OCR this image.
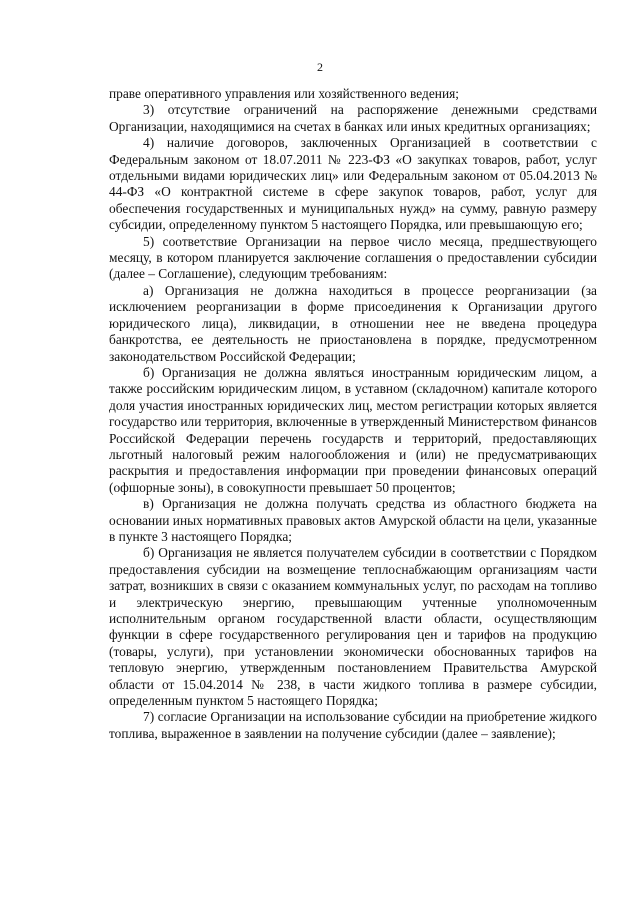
2

праве оперативного управления или хозяйственного ведения;

3) отсутствие ограничений на распоряжение денежными средствами Организации, находящимися на счетах в банках или иных кредитных организациях;

4) наличие договоров, заключенных Организацией в соответствии с Федеральным законом от 18.07.2011 № 223-ФЗ «О закупках товаров, работ, услуг отдельными видами юридических лиц» или Федеральным законом от 05.04.2013 № 44-ФЗ «О контрактной системе в сфере закупок товаров, работ, услуг для обеспечения государственных и муниципальных нужд» на сумму, равную размеру субсидии, определенному пунктом 5 настоящего Порядка, или превышающую его;

5) соответствие Организации на первое число месяца, предшествующего месяцу, в котором планируется заключение соглашения о предоставлении субсидии (далее – Соглашение), следующим требованиям:

а) Организация не должна находиться в процессе реорганизации (за исключением реорганизации в форме присоединения к Организации другого юридического лица), ликвидации, в отношении нее не введена процедура банкротства, ее деятельность не приостановлена в порядке, предусмотренном законодательством Российской Федерации;

б) Организация не должна являться иностранным юридическим лицом, а также российским юридическим лицом, в уставном (складочном) капитале которого доля участия иностранных юридических лиц, местом регистрации которых является государство или территория, включенные в утвержденный Министерством финансов Российской Федерации перечень государств и территорий, предоставляющих льготный налоговый режим налогообложения и (или) не предусматривающих раскрытия и предоставления информации при проведении финансовых операций (офшорные зоны), в совокупности превышает 50 процентов;

в) Организация не должна получать средства из областного бюджета на основании иных нормативных правовых актов Амурской области на цели, указанные в пункте 3 настоящего Порядка;

б) Организация не является получателем субсидии в соответствии с Порядком предоставления субсидии на возмещение теплоснабжающим организациям части затрат, возникших в связи с оказанием коммунальных услуг, по расходам на топливо и электрическую энергию, превышающим учтенные уполномоченным исполнительным органом государственной власти области, осуществляющим функции в сфере государственного регулирования цен и тарифов на продукцию (товары, услуги), при установлении экономически обоснованных тарифов на тепловую энергию, утвержденным постановлением Правительства Амурской области от 15.04.2014 № 238, в части жидкого топлива в размере субсидии, определенным пунктом 5 настоящего Порядка;

7) согласие Организации на использование субсидии на приобретение жидкого топлива, выраженное в заявлении на получение субсидии (далее – заявление);
